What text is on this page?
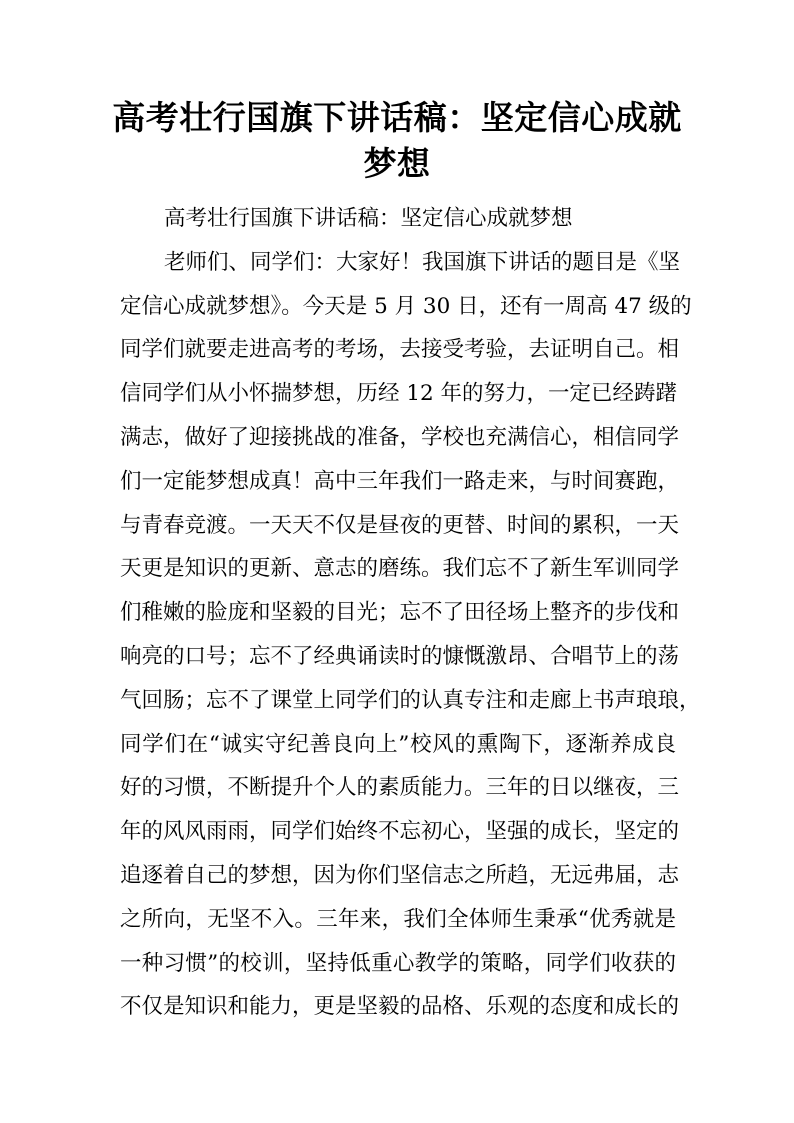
高考壮行国旗下讲话稿：坚定信心成就
梦想
高考壮行国旗下讲话稿：坚定信心成就梦想
老师们、同学们：大家好！我国旗下讲话的题目是《坚
定信心成就梦想》。今天是 5 月 30 日，还有一周高 47 级的
同学们就要走进高考的考场，去接受考验，去证明自己。相
信同学们从小怀揣梦想，历经 12 年的努力，一定已经踌躇
满志，做好了迎接挑战的准备，学校也充满信心，相信同学
们一定能梦想成真！高中三年我们一路走来，与时间赛跑，
与青春竞渡。一天天不仅是昼夜的更替、时间的累积，一天
天更是知识的更新、意志的磨练。我们忘不了新生军训同学
们稚嫩的脸庞和坚毅的目光；忘不了田径场上整齐的步伐和
响亮的口号；忘不了经典诵读时的慷慨激昂、合唱节上的荡
气回肠；忘不了课堂上同学们的认真专注和走廊上书声琅琅，
同学们在“诚实守纪善良向上”校风的熏陶下，逐渐养成良
好的习惯，不断提升个人的素质能力。三年的日以继夜，三
年的风风雨雨，同学们始终不忘初心，坚强的成长，坚定的
追逐着自己的梦想，因为你们坚信志之所趋，无远弗届，志
之所向，无坚不入。三年来，我们全体师生秉承“优秀就是
一种习惯”的校训，坚持低重心教学的策略，同学们收获的
不仅是知识和能力，更是坚毅的品格、乐观的态度和成长的
